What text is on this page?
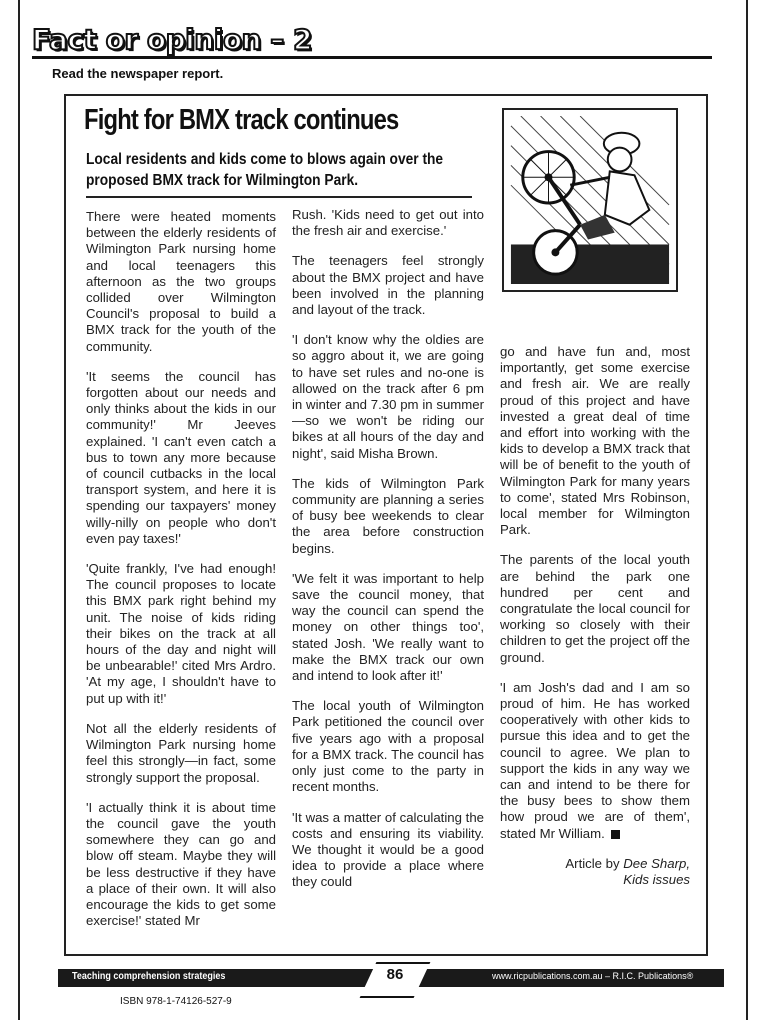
Fact or opinion – 2
Read the newspaper report.
Fight for BMX track continues
Local residents and kids come to blows again over the proposed BMX track for Wilmington Park.

There were heated moments between the elderly residents of Wilmington Park nursing home and local teenagers this afternoon as the two groups collided over Wilmington Council's proposal to build a BMX track for the youth of the community.

'It seems the council has forgotten about our needs and only thinks about the kids in our community!' Mr Jeeves explained. 'I can't even catch a bus to town any more because of council cutbacks in the local transport system, and here it is spending our taxpayers' money willy-nilly on people who don't even pay taxes!'

'Quite frankly, I've had enough! The council proposes to locate this BMX park right behind my unit. The noise of kids riding their bikes on the track at all hours of the day and night will be unbearable!' cited Mrs Ardro. 'At my age, I shouldn't have to put up with it!'

Not all the elderly residents of Wilmington Park nursing home feel this strongly—in fact, some strongly support the proposal.

'I actually think it is about time the council gave the youth somewhere they can go and blow off steam. Maybe they will be less destructive if they have a place of their own. It will also encourage the kids to get some exercise!' stated Mr

Rush. 'Kids need to get out into the fresh air and exercise.'

The teenagers feel strongly about the BMX project and have been involved in the planning and layout of the track.

'I don't know why the oldies are so aggro about it, we are going to have set rules and no-one is allowed on the track after 6 pm in winter and 7.30 pm in summer—so we won't be riding our bikes at all hours of the day and night', said Misha Brown.

The kids of Wilmington Park community are planning a series of busy bee weekends to clear the area before construction begins.

'We felt it was important to help save the council money, that way the council can spend the money on other things too', stated Josh. 'We really want to make the BMX track our own and intend to look after it!'

The local youth of Wilmington Park petitioned the council over five years ago with a proposal for a BMX track. The council has only just come to the party in recent months.

'It was a matter of calculating the costs and ensuring its viability. We thought it would be a good idea to provide a place where they could

go and have fun and, most importantly, get some exercise and fresh air. We are really proud of this project and have invested a great deal of time and effort into working with the kids to develop a BMX track that will be of benefit to the youth of Wilmington Park for many years to come', stated Mrs Robinson, local member for Wilmington Park.

The parents of the local youth are behind the park one hundred per cent and congratulate the local council for working so closely with their children to get the project off the ground.

'I am Josh's dad and I am so proud of him. He has worked cooperatively with other kids to pursue this idea and to get the council to agree. We plan to support the kids in any way we can and intend to be there for the busy bees to show them how proud we are of them', stated Mr William.

Article by Dee Sharp,
Kids issues
Teaching comprehension strategies	86	www.ricpublications.com.au – R.I.C. Publications®
ISBN 978-1-74126-527-9
